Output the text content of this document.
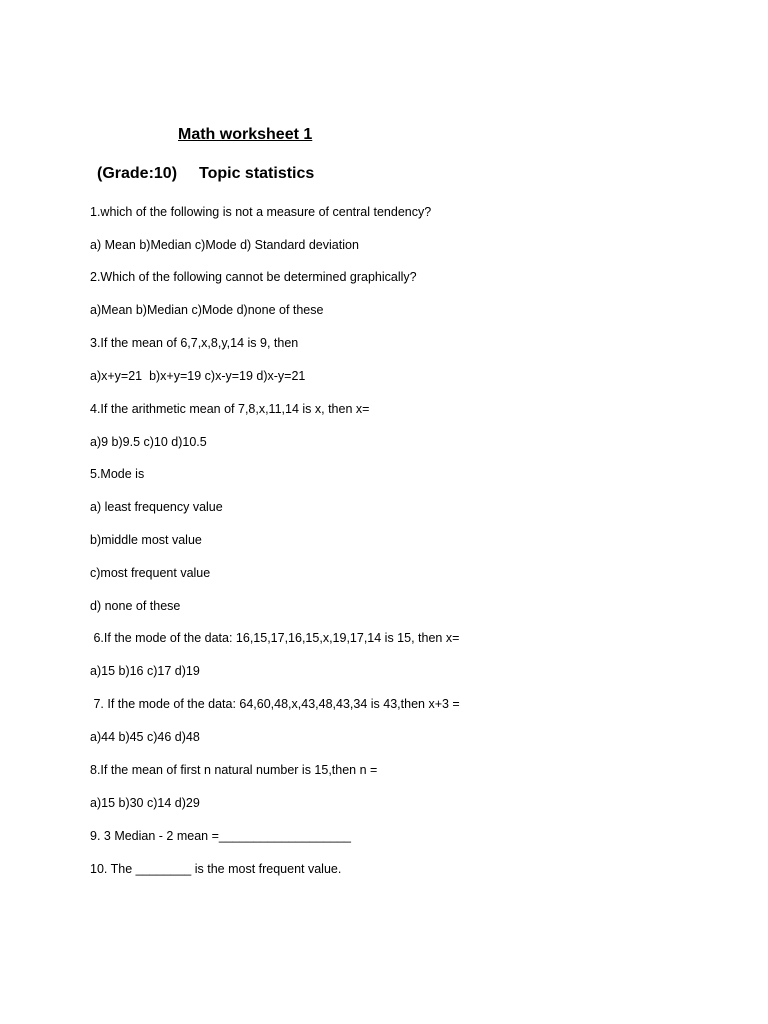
Math worksheet 1
(Grade:10) Topic statistics
1.which of the following is not a measure of central tendency?
a) Mean b)Median c)Mode d) Standard deviation
2.Which of the following cannot be determined graphically?
a)Mean b)Median c)Mode d)none of these
3.If the mean of 6,7,x,8,y,14 is 9, then
a)x+y=21  b)x+y=19 c)x-y=19 d)x-y=21
4.If the arithmetic mean of 7,8,x,11,14 is x, then x=
a)9 b)9.5 c)10 d)10.5
5.Mode is
a) least frequency value
b)middle most value
c)most frequent value
d) none of these
6.If the mode of the data: 16,15,17,16,15,x,19,17,14 is 15, then x=
a)15 b)16 c)17 d)19
7. If the mode of the data: 64,60,48,x,43,48,43,34 is 43,then x+3 =
a)44 b)45 c)46 d)48
8.If the mean of first n natural number is 15,then n =
a)15 b)30 c)14 d)29
9. 3 Median - 2 mean =___________________
10. The ________ is the most frequent value.
